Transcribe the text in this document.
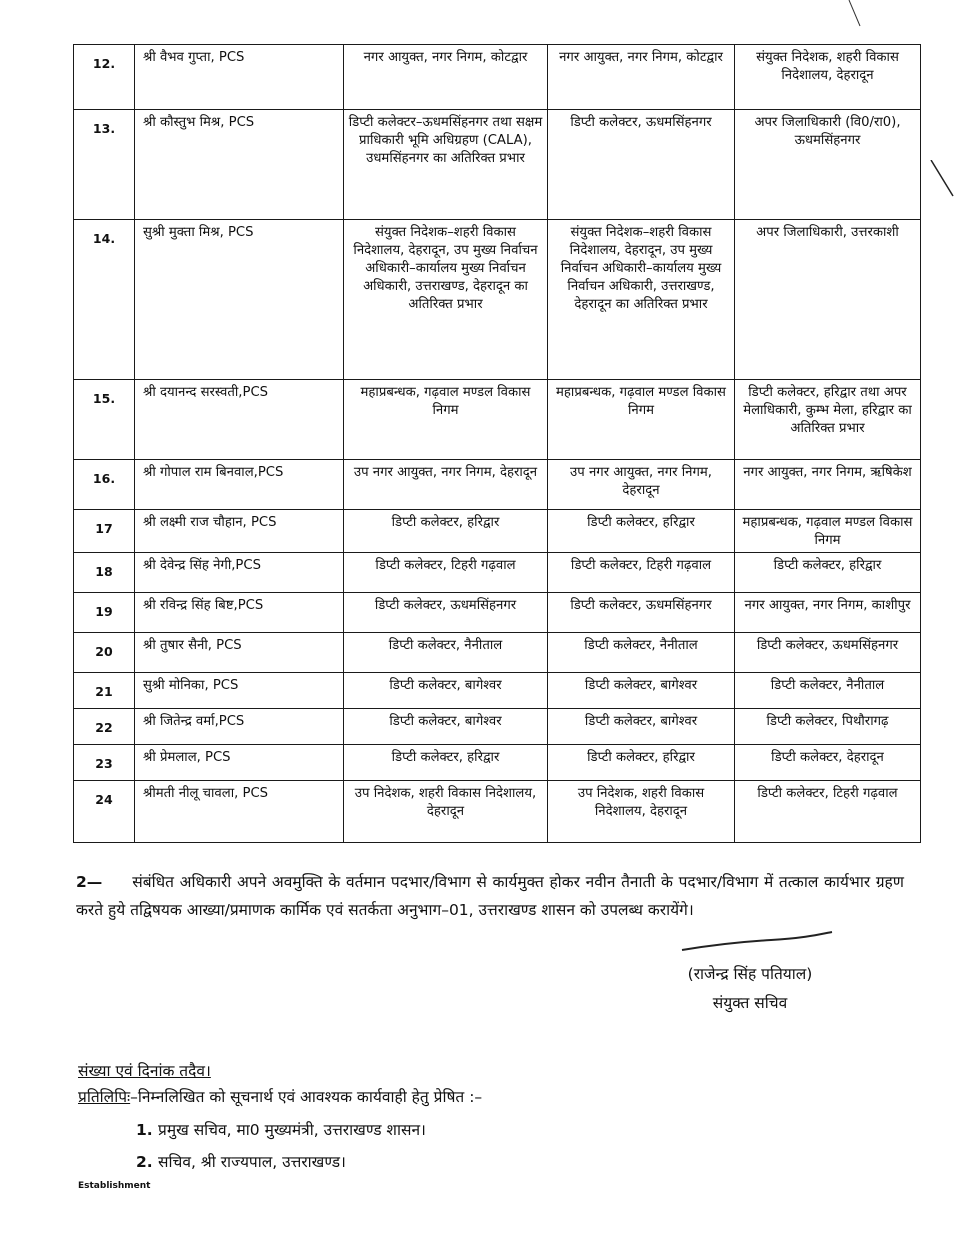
12.	श्री वैभव गुप्ता, PCS	नगर आयुक्त, नगर निगम, कोटद्वार	नगर आयुक्त, नगर निगम, कोटद्वार	संयुक्त निदेशक, शहरी विकास निदेशालय, देहरादून
13.	श्री कौस्तुभ मिश्र, PCS	डिप्टी कलेक्टर–ऊधमसिंहनगर तथा सक्षम प्राधिकारी भूमि अधिग्रहण (CALA), उधमसिंहनगर का अतिरिक्त प्रभार	डिप्टी कलेक्टर, ऊधमसिंहनगर	अपर जिलाधिकारी (वि0/रा0), ऊधमसिंहनगर
14.	सुश्री मुक्ता मिश्र, PCS	संयुक्त निदेशक–शहरी विकास निदेशालय, देहरादून, उप मुख्य निर्वाचन अधिकारी–कार्यालय मुख्य निर्वाचन अधिकारी, उत्तराखण्ड, देहरादून का अतिरिक्त प्रभार	संयुक्त निदेशक–शहरी विकास निदेशालय, देहरादून, उप मुख्य निर्वाचन अधिकारी–कार्यालय मुख्य निर्वाचन अधिकारी, उत्तराखण्ड, देहरादून का अतिरिक्त प्रभार	अपर जिलाधिकारी, उत्तरकाशी
15.	श्री दयानन्द सरस्वती,PCS	महाप्रबन्धक, गढ़वाल मण्डल विकास निगम	महाप्रबन्धक, गढ़वाल मण्डल विकास निगम	डिप्टी कलेक्टर, हरिद्वार तथा अपर मेलाधिकारी, कुम्भ मेला, हरिद्वार का अतिरिक्त प्रभार
16.	श्री गोपाल राम बिनवाल,PCS	उप नगर आयुक्त, नगर निगम, देहरादून	उप नगर आयुक्त, नगर निगम, देहरादून	नगर आयुक्त, नगर निगम, ऋषिकेश
17	श्री लक्ष्मी राज चौहान, PCS	डिप्टी कलेक्टर, हरिद्वार	डिप्टी कलेक्टर, हरिद्वार	महाप्रबन्धक, गढ़वाल मण्डल विकास निगम
18	श्री देवेन्द्र सिंह नेगी,PCS	डिप्टी कलेक्टर, टिहरी गढ़वाल	डिप्टी कलेक्टर, टिहरी गढ़वाल	डिप्टी कलेक्टर, हरिद्वार
19	श्री रविन्द्र सिंह बिष्ट,PCS	डिप्टी कलेक्टर, ऊधमसिंहनगर	डिप्टी कलेक्टर, ऊधमसिंहनगर	नगर आयुक्त, नगर निगम, काशीपुर
20	श्री तुषार सैनी, PCS	डिप्टी कलेक्टर, नैनीताल	डिप्टी कलेक्टर, नैनीताल	डिप्टी कलेक्टर, ऊधमसिंहनगर
21	सुश्री मोनिका, PCS	डिप्टी कलेक्टर, बागेश्वर	डिप्टी कलेक्टर, बागेश्वर	डिप्टी कलेक्टर, नैनीताल
22	श्री जितेन्द्र वर्मा,PCS	डिप्टी कलेक्टर, बागेश्वर	डिप्टी कलेक्टर, बागेश्वर	डिप्टी कलेक्टर, पिथौरागढ़
23	श्री प्रेमलाल, PCS	डिप्टी कलेक्टर, हरिद्वार	डिप्टी कलेक्टर, हरिद्वार	डिप्टी कलेक्टर, देहरादून
24	श्रीमती नीलू चावला, PCS	उप निदेशक, शहरी विकास निदेशालय, देहरादून	उप निदेशक, शहरी विकास निदेशालय, देहरादून	डिप्टी कलेक्टर, टिहरी गढ़वाल
2— संबंधित अधिकारी अपने अवमुक्ति के वर्तमान पदभार/विभाग से कार्यमुक्त होकर नवीन तैनाती के पदभार/विभाग में तत्काल कार्यभार ग्रहण करते हुये तद्विषयक आख्या/प्रमाणक कार्मिक एवं सतर्कता अनुभाग–01, उत्तराखण्ड शासन को उपलब्ध करायेंगे।
(राजेन्द्र सिंह पतियाल)
संयुक्त सचिव
संख्या एवं दिनांक तदैव।
प्रतिलिपिः–निम्नलिखित को सूचनार्थ एवं आवश्यक कार्यवाही हेतु प्रेषित :–
1. प्रमुख सचिव, मा0 मुख्यमंत्री, उत्तराखण्ड शासन।
2. सचिव, श्री राज्यपाल, उत्तराखण्ड।
Establishment
